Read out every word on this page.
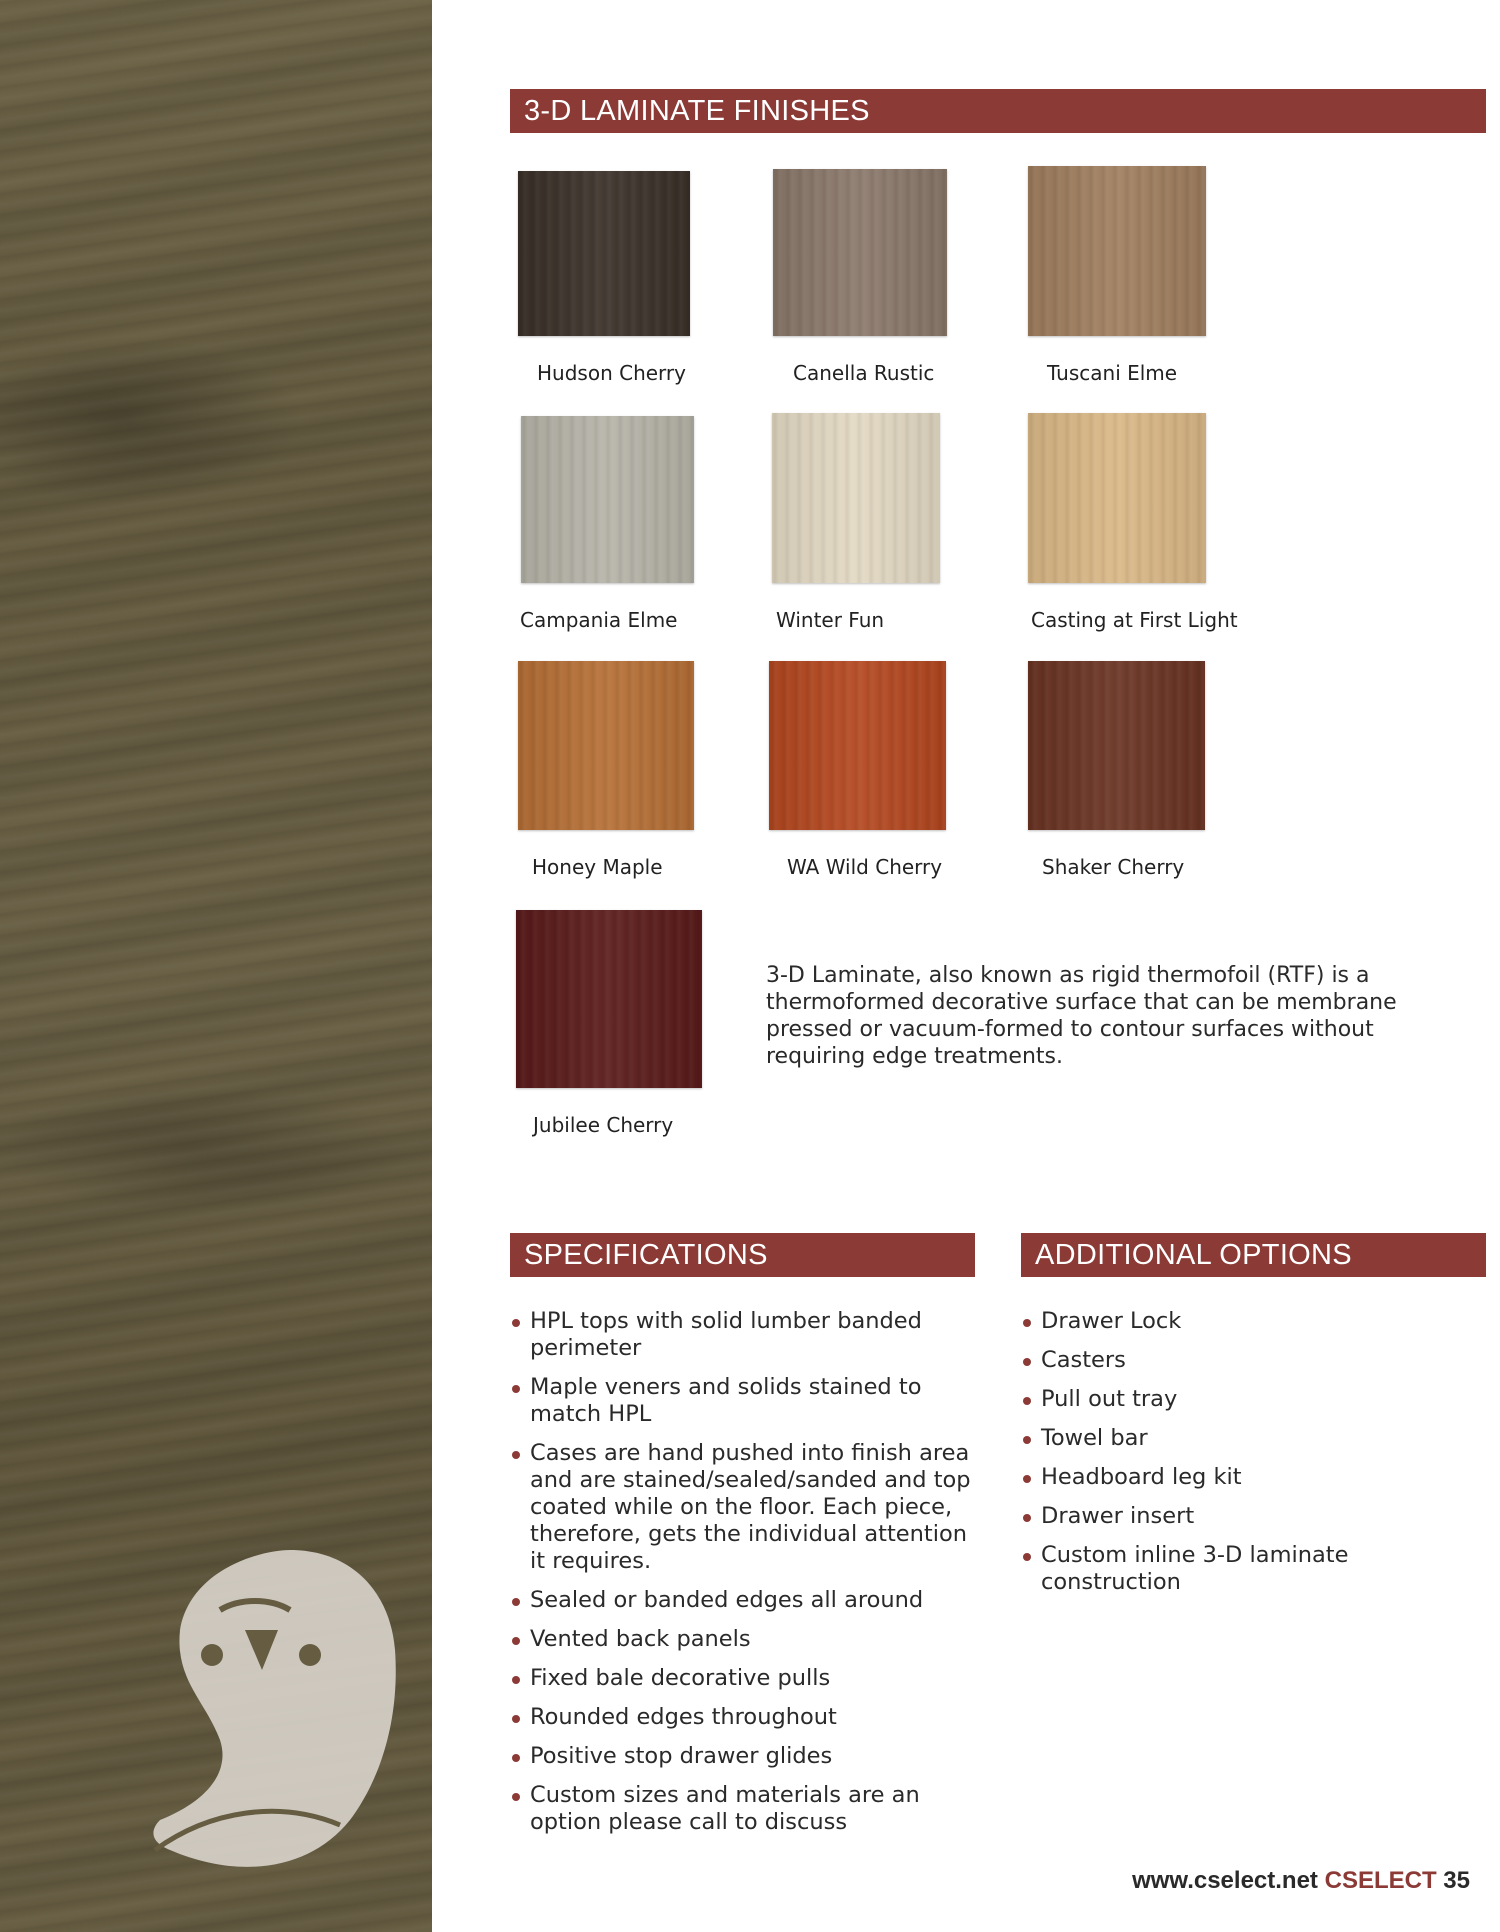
3-D LAMINATE FINISHES
Hudson Cherry	Canella Rustic	Tuscani Elme
Campania Elme	Winter Fun	Casting at First Light
Honey Maple	WA Wild Cherry	Shaker Cherry
Jubilee Cherry
3-D Laminate, also known as rigid thermofoil (RTF) is a thermoformed decorative surface that can be membrane pressed or vacuum-formed to contour surfaces without requiring edge treatments.
SPECIFICATIONS
HPL tops with solid lumber banded perimeter
Maple veners and solids stained to match HPL
Cases are hand pushed into finish area and are stained/sealed/sanded and top coated while on the floor. Each piece, therefore, gets the individual attention it requires.
Sealed or banded edges all around
Vented back panels
Fixed bale decorative pulls
Rounded edges throughout
Positive stop drawer glides
Custom sizes and materials are an option please call to discuss
ADDITIONAL OPTIONS
Drawer Lock
Casters
Pull out tray
Towel bar
Headboard leg kit
Drawer insert
Custom inline 3-D laminate construction
www.cselect.net CSELECT 35
